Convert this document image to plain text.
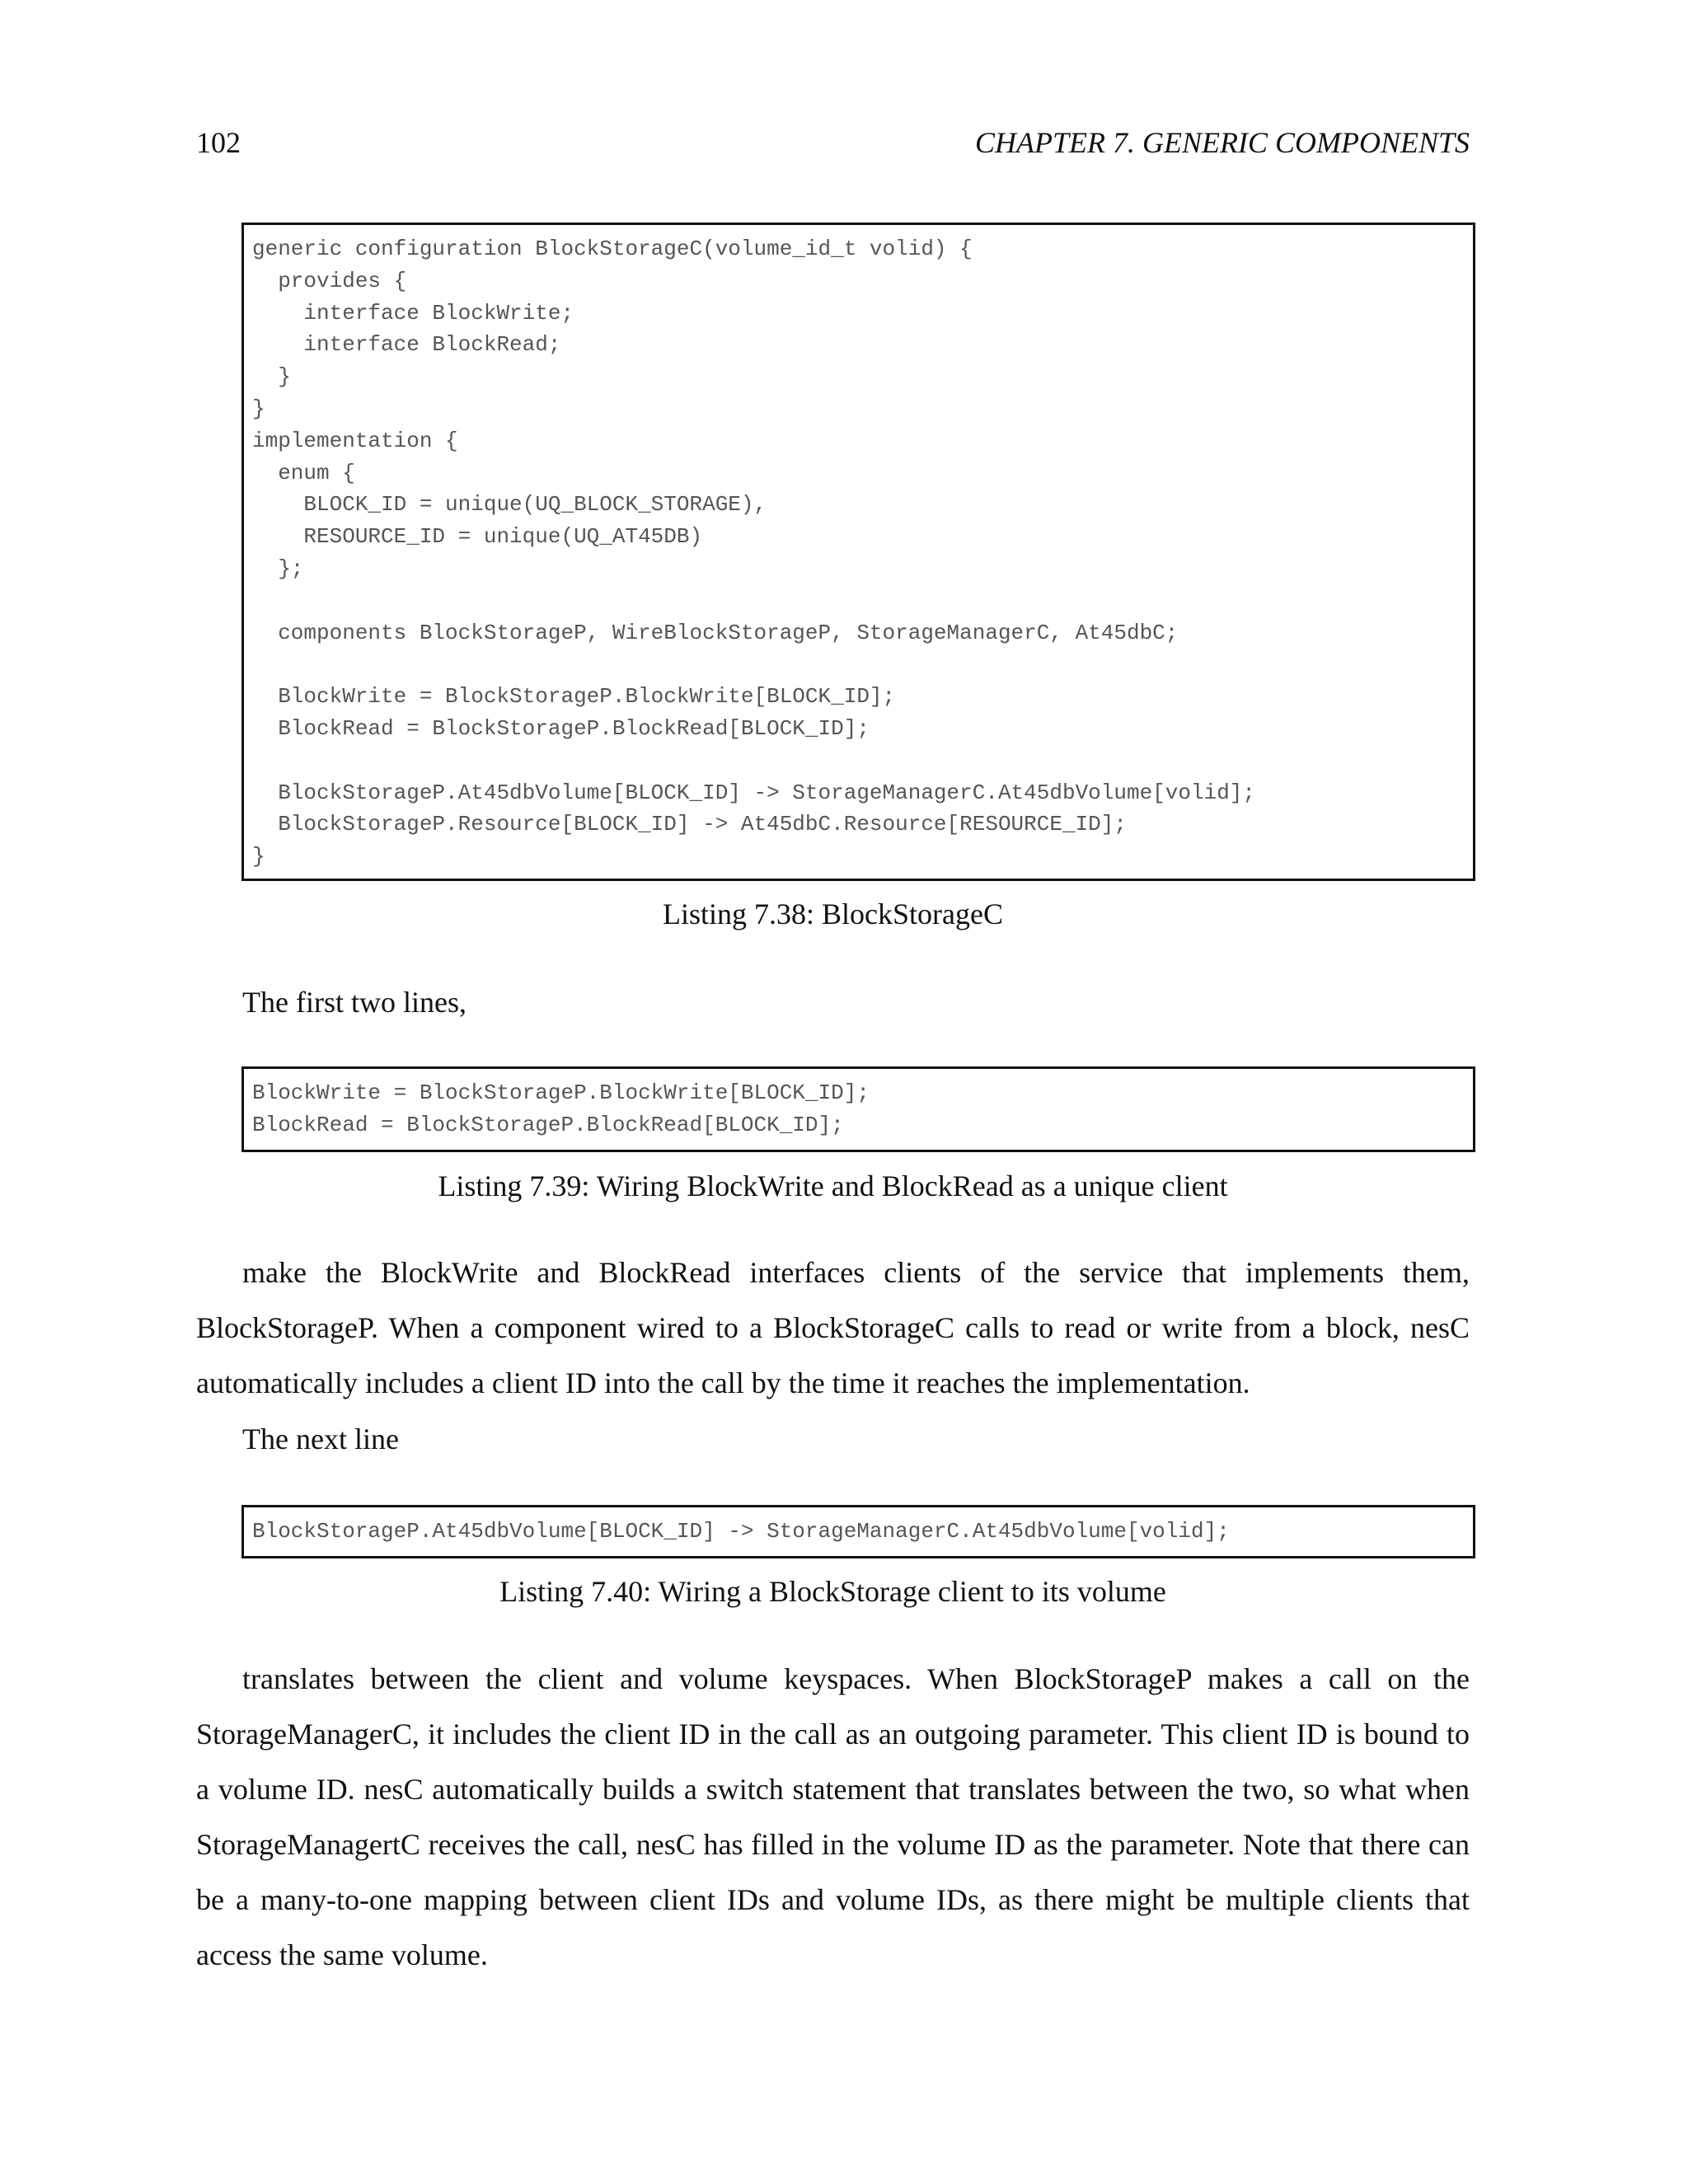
102	CHAPTER 7. GENERIC COMPONENTS
generic configuration BlockStorageC(volume_id_t volid) {
provides {
interface BlockWrite;
interface BlockRead;
}
}
implementation {
enum {
BLOCK_ID = unique(UQ_BLOCK_STORAGE),
RESOURCE_ID = unique(UQ_AT45DB)
};
components BlockStorageP, WireBlockStorageP, StorageManagerC, At45dbC;
BlockWrite = BlockStorageP.BlockWrite[BLOCK_ID];
BlockRead = BlockStorageP.BlockRead[BLOCK_ID];
BlockStorageP.At45dbVolume[BLOCK_ID] -> StorageManagerC.At45dbVolume[volid];
BlockStorageP.Resource[BLOCK_ID] -> At45dbC.Resource[RESOURCE_ID];
}
Listing 7.38: BlockStorageC
The first two lines,
BlockWrite = BlockStorageP.BlockWrite[BLOCK_ID];
BlockRead = BlockStorageP.BlockRead[BLOCK_ID];
Listing 7.39: Wiring BlockWrite and BlockRead as a unique client
make the BlockWrite and BlockRead interfaces clients of the service that implements them, BlockStorageP. When a component wired to a BlockStorageC calls to read or write from a block, nesC automatically includes a client ID into the call by the time it reaches the implementation.
The next line
BlockStorageP.At45dbVolume[BLOCK_ID] -> StorageManagerC.At45dbVolume[volid];
Listing 7.40: Wiring a BlockStorage client to its volume
translates between the client and volume keyspaces. When BlockStorageP makes a call on the StorageManagerC, it includes the client ID in the call as an outgoing parameter. This client ID is bound to a volume ID. nesC automatically builds a switch statement that translates between the two, so what when StorageManagertC receives the call, nesC has filled in the volume ID as the parameter. Note that there can be a many-to-one mapping between client IDs and volume IDs, as there might be multiple clients that access the same volume.
